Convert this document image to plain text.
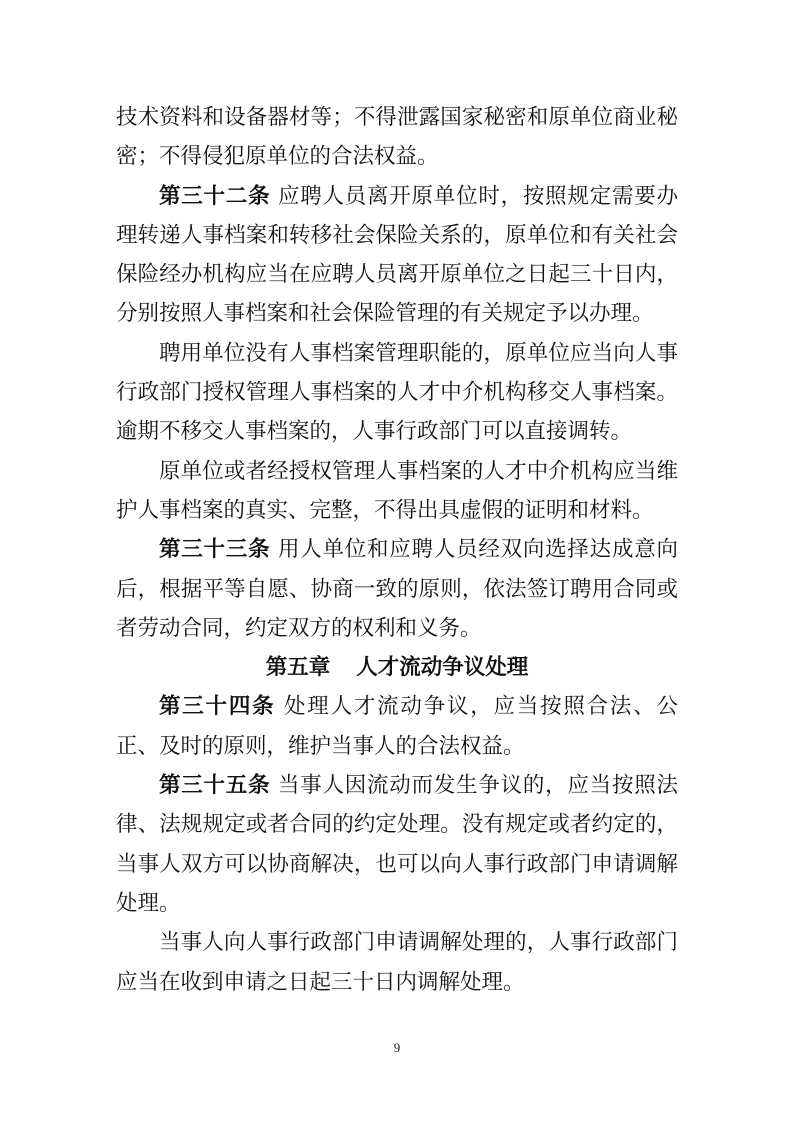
技术资料和设备器材等；不得泄露国家秘密和原单位商业秘密；不得侵犯原单位的合法权益。

第三十二条 应聘人员离开原单位时，按照规定需要办理转递人事档案和转移社会保险关系的，原单位和有关社会保险经办机构应当在应聘人员离开原单位之日起三十日内，分别按照人事档案和社会保险管理的有关规定予以办理。

聘用单位没有人事档案管理职能的，原单位应当向人事行政部门授权管理人事档案的人才中介机构移交人事档案。逾期不移交人事档案的，人事行政部门可以直接调转。

原单位或者经授权管理人事档案的人才中介机构应当维护人事档案的真实、完整，不得出具虚假的证明和材料。

第三十三条 用人单位和应聘人员经双向选择达成意向后，根据平等自愿、协商一致的原则，依法签订聘用合同或者劳动合同，约定双方的权利和义务。

第五章 人才流动争议处理

第三十四条 处理人才流动争议，应当按照合法、公正、及时的原则，维护当事人的合法权益。

第三十五条 当事人因流动而发生争议的，应当按照法律、法规规定或者合同的约定处理。没有规定或者约定的，当事人双方可以协商解决，也可以向人事行政部门申请调解处理。

当事人向人事行政部门申请调解处理的，人事行政部门应当在收到申请之日起三十日内调解处理。

9
